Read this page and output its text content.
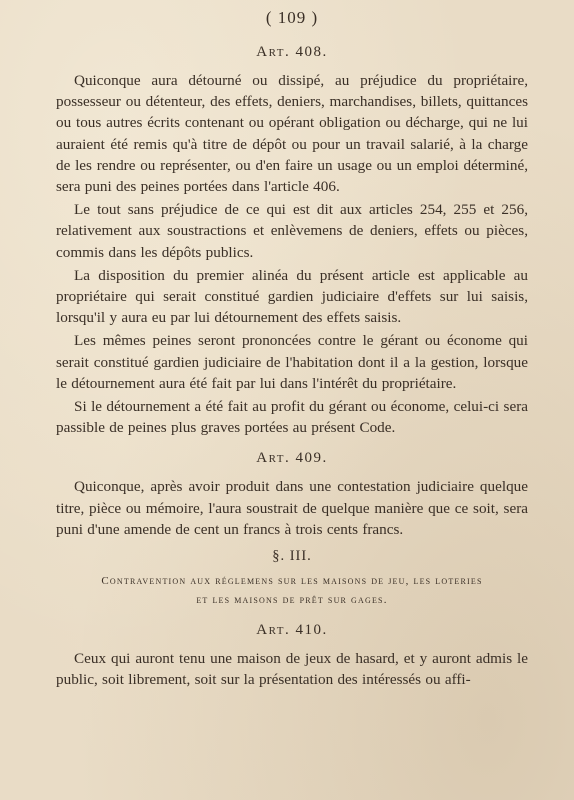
( 109 )
Art. 408.

Quiconque aura détourné ou dissipé, au préjudice du propriétaire, possesseur ou détenteur, des effets, deniers, marchandises, billets, quittances ou tous autres écrits contenant ou opérant obligation ou décharge, qui ne lui auraient été remis qu'à titre de dépôt ou pour un travail salarié, à la charge de les rendre ou représenter, ou d'en faire un usage ou un emploi déterminé, sera puni des peines portées dans l'article 406.

Le tout sans préjudice de ce qui est dit aux articles 254, 255 et 256, relativement aux soustractions et enlèvemens de deniers, effets ou pièces, commis dans les dépôts publics.

La disposition du premier alinéa du présent article est applicable au propriétaire qui serait constitué gardien judiciaire d'effets sur lui saisis, lorsqu'il y aura eu par lui détournement des effets saisis.

Les mêmes peines seront prononcées contre le gérant ou économe qui serait constitué gardien judiciaire de l'habitation dont il a la gestion, lorsque le détournement aura été fait par lui dans l'intérêt du propriétaire.

Si le détournement a été fait au profit du gérant ou économe, celui-ci sera passible de peines plus graves portées au présent Code.

Art. 409.

Quiconque, après avoir produit dans une contestation judiciaire quelque titre, pièce ou mémoire, l'aura soustrait de quelque manière que ce soit, sera puni d'une amende de cent un francs à trois cents francs.

§. III.
Contravention aux réglemens sur les maisons de jeu, les loteries
et les maisons de prêt sur gages.
Art. 410.

Ceux qui auront tenu une maison de jeux de hasard, et y auront admis le public, soit librement, soit sur la présentation des intéressés ou affi-
